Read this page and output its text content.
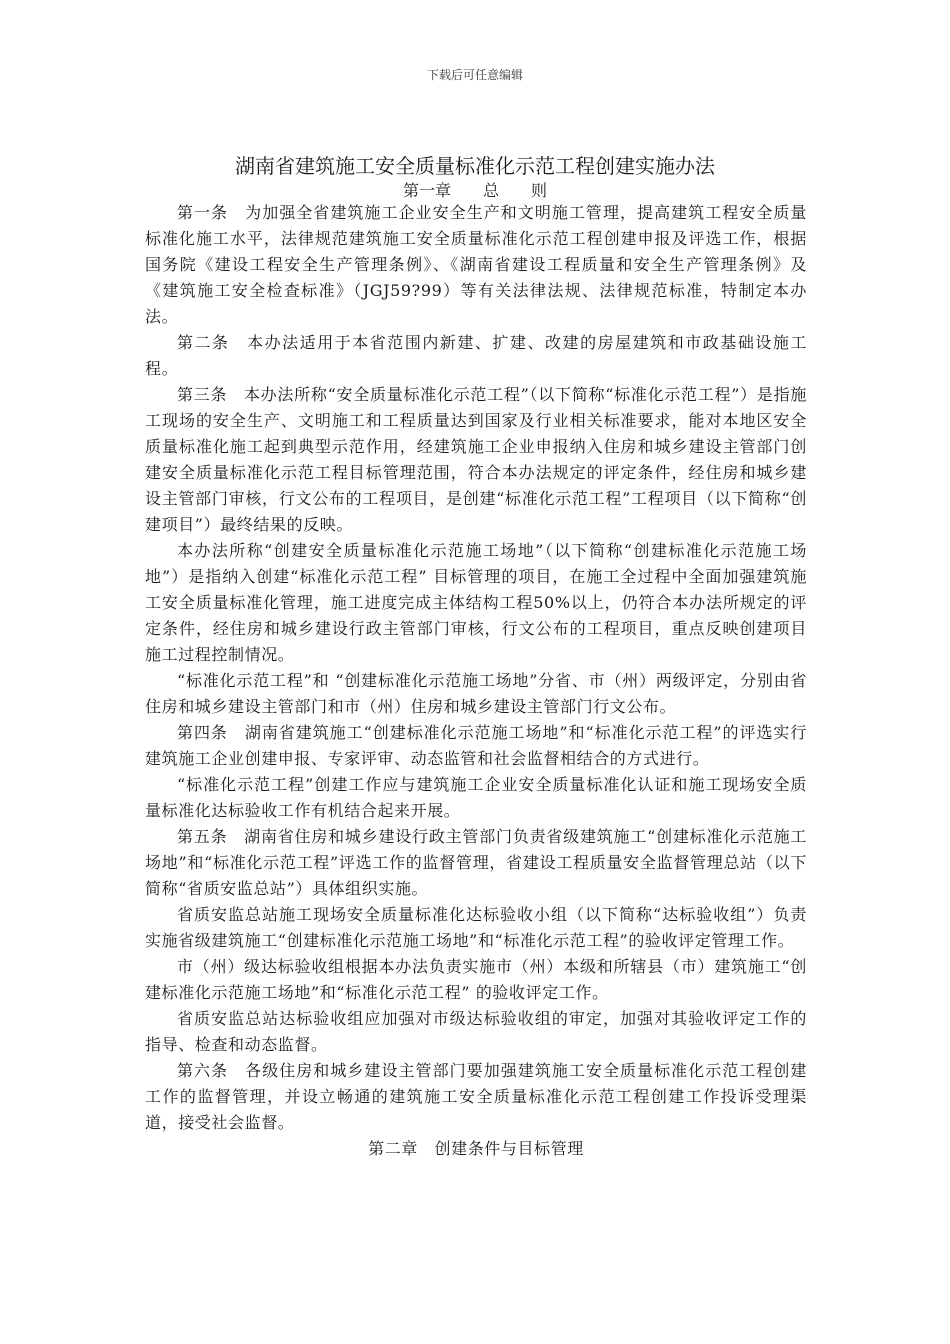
下载后可任意编辑
湖南省建筑施工安全质量标准化示范工程创建实施办法
第一章　　总　　则

第一条　为加强全省建筑施工企业安全生产和文明施工管理，提高建筑工程安全质量标准化施工水平，法律规范建筑施工安全质量标准化示范工程创建申报及评选工作，根据国务院《建设工程安全生产管理条例》、《湖南省建设工程质量和安全生产管理条例》及《建筑施工安全检查标准》（JGJ59?99）等有关法律法规、法律规范标准，特制定本办法。

第二条　本办法适用于本省范围内新建、扩建、改建的房屋建筑和市政基础设施工程。

第三条　本办法所称“安全质量标准化示范工程”（以下简称“标准化示范工程”）是指施工现场的安全生产、文明施工和工程质量达到国家及行业相关标准要求，能对本地区安全质量标准化施工起到典型示范作用，经建筑施工企业申报纳入住房和城乡建设主管部门创建安全质量标准化示范工程目标管理范围，符合本办法规定的评定条件，经住房和城乡建设主管部门审核，行文公布的工程项目，是创建“标准化示范工程”工程项目（以下简称“创建项目”）最终结果的反映。

本办法所称“创建安全质量标准化示范施工场地”（以下简称“创建标准化示范施工场地”）是指纳入创建“标准化示范工程” 目标管理的项目，在施工全过程中全面加强建筑施工安全质量标准化管理，施工进度完成主体结构工程50%以上，仍符合本办法所规定的评定条件，经住房和城乡建设行政主管部门审核，行文公布的工程项目，重点反映创建项目施工过程控制情况。

“标准化示范工程”和 “创建标准化示范施工场地”分省、市（州）两级评定，分别由省住房和城乡建设主管部门和市（州）住房和城乡建设主管部门行文公布。

第四条　湖南省建筑施工“创建标准化示范施工场地”和“标准化示范工程”的评选实行建筑施工企业创建申报、专家评审、动态监管和社会监督相结合的方式进行。

“标准化示范工程”创建工作应与建筑施工企业安全质量标准化认证和施工现场安全质量标准化达标验收工作有机结合起来开展。

第五条　湖南省住房和城乡建设行政主管部门负责省级建筑施工“创建标准化示范施工场地”和“标准化示范工程”评选工作的监督管理，省建设工程质量安全监督管理总站（以下简称“省质安监总站”）具体组织实施。

省质安监总站施工现场安全质量标准化达标验收小组（以下简称“达标验收组”）负责实施省级建筑施工“创建标准化示范施工场地”和“标准化示范工程”的验收评定管理工作。

市（州）级达标验收组根据本办法负责实施市（州）本级和所辖县（市）建筑施工“创建标准化示范施工场地”和“标准化示范工程” 的验收评定工作。

省质安监总站达标验收组应加强对市级达标验收组的审定，加强对其验收评定工作的指导、检查和动态监督。

第六条　各级住房和城乡建设主管部门要加强建筑施工安全质量标准化示范工程创建工作的监督管理，并设立畅通的建筑施工安全质量标准化示范工程创建工作投诉受理渠道，接受社会监督。

第二章　创建条件与目标管理
